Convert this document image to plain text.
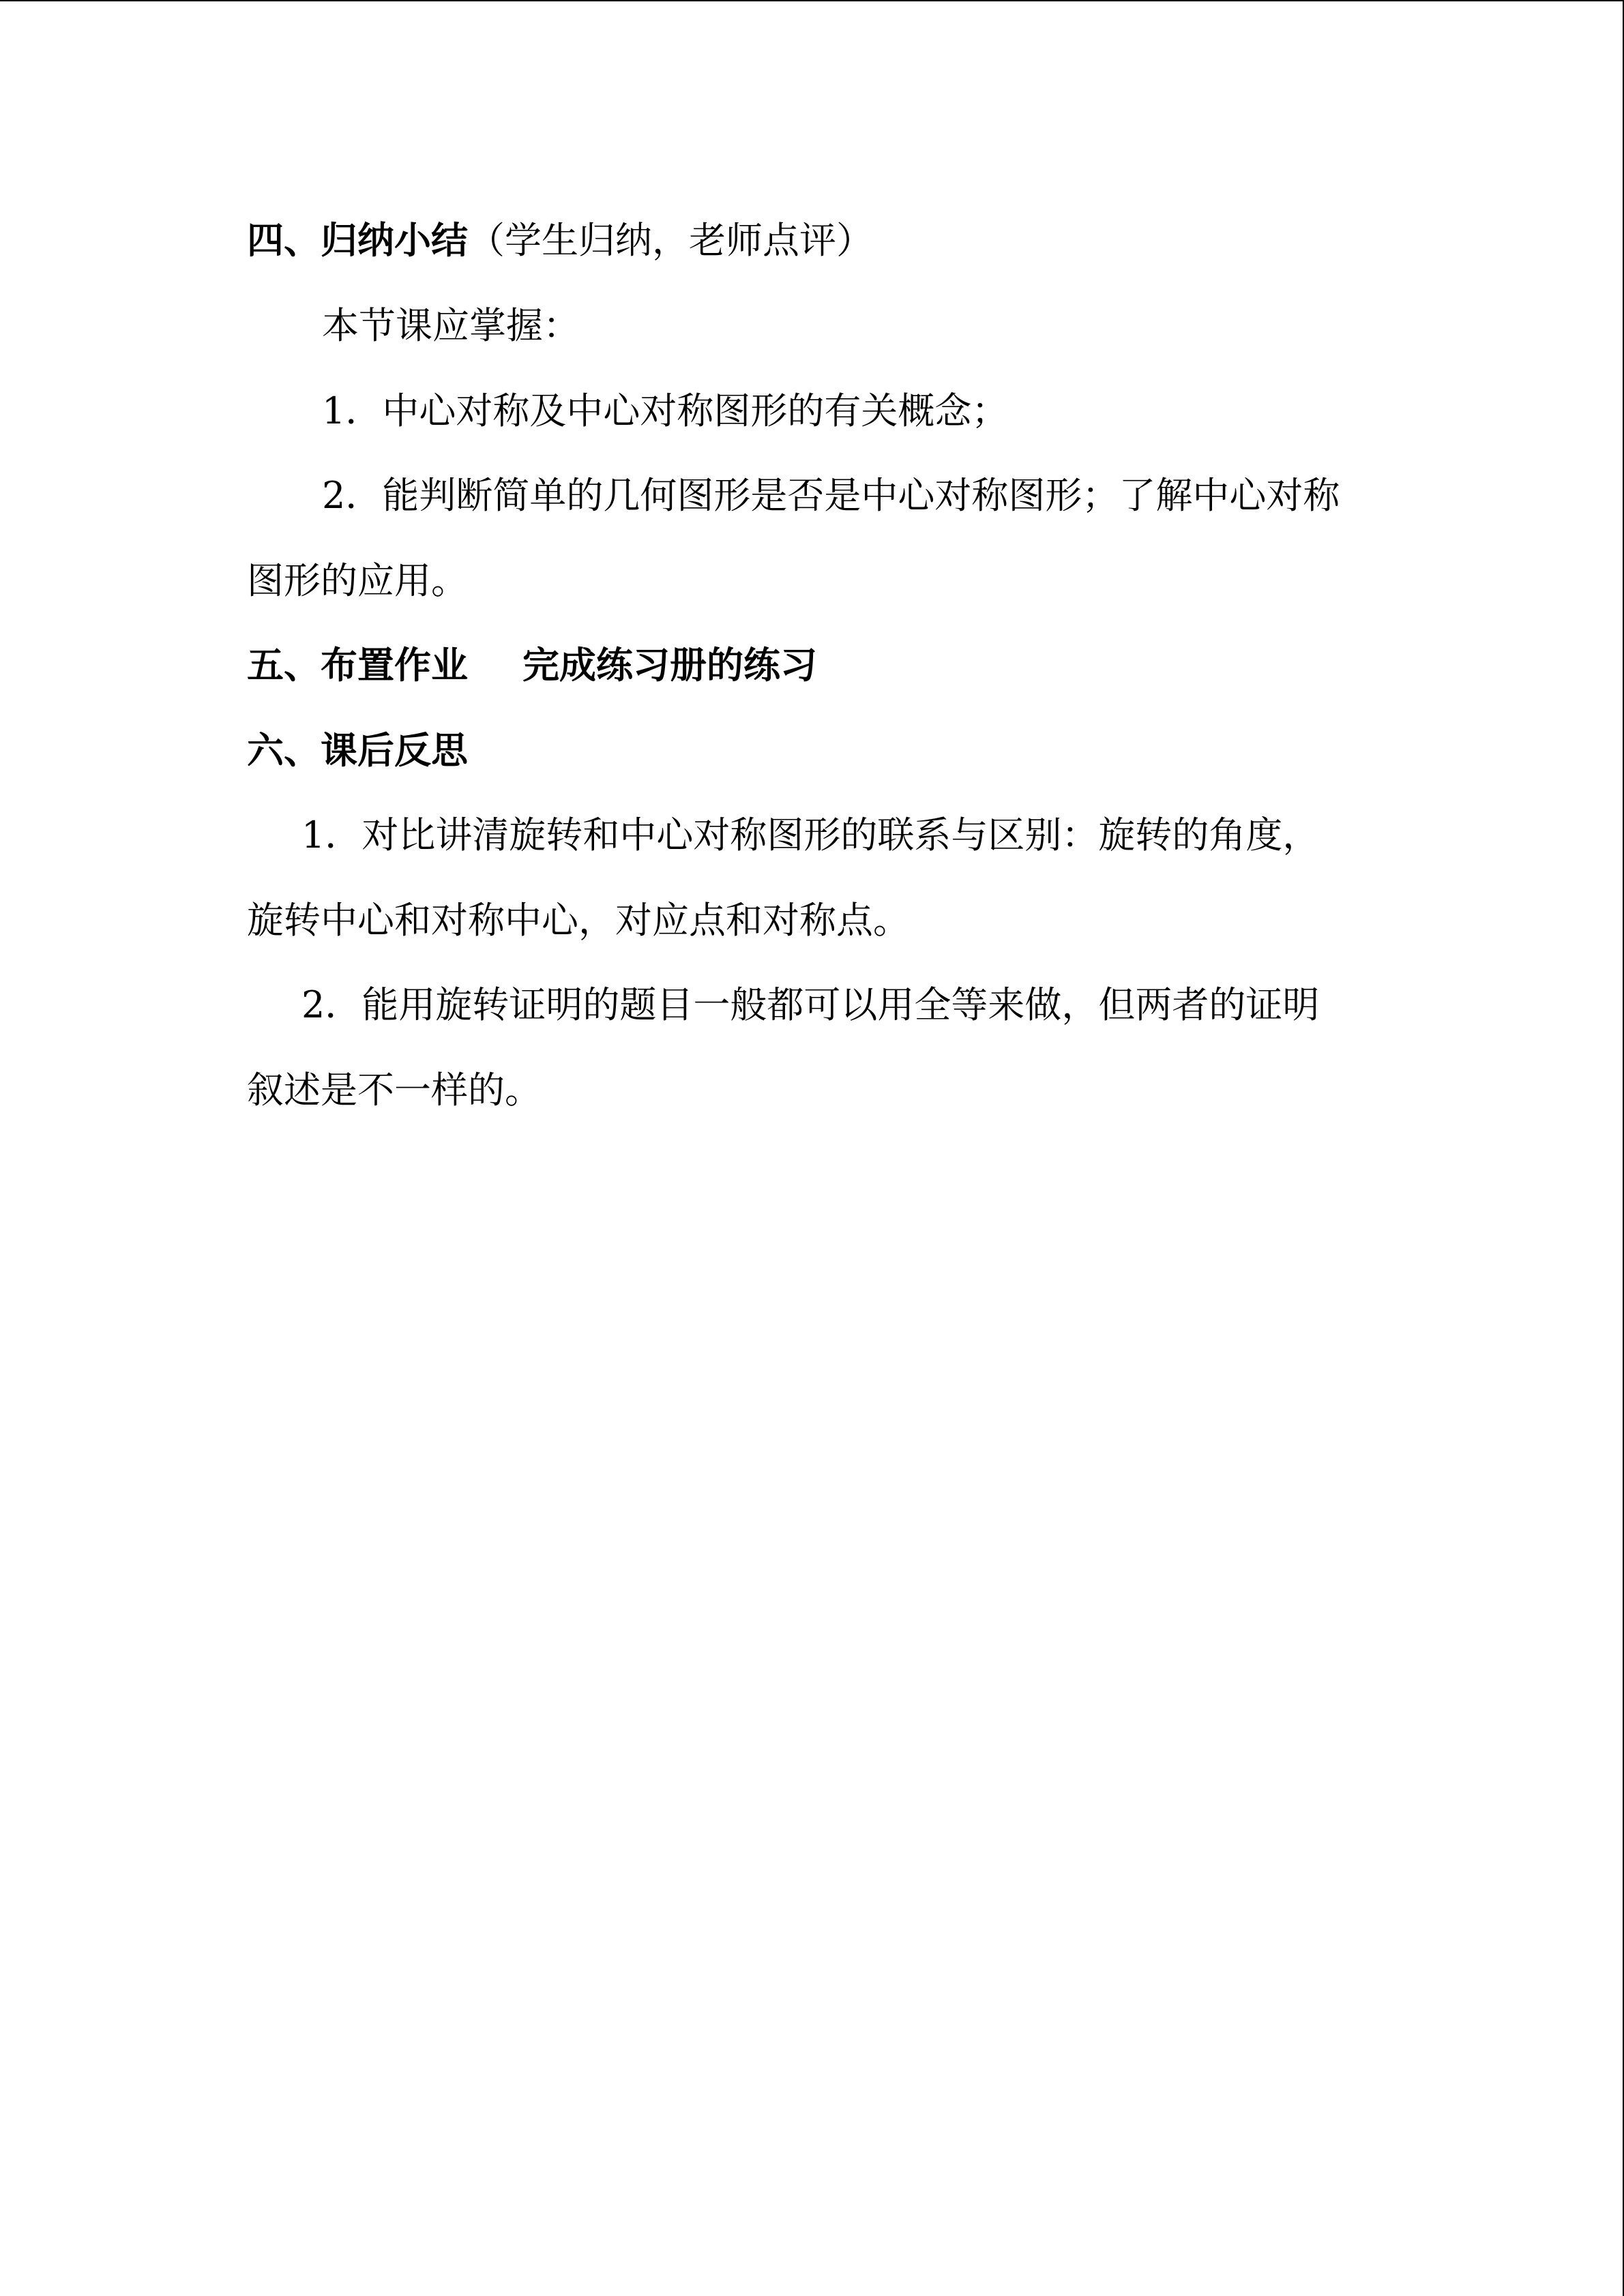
四、归纳小结（学生归纳，老师点评）
本节课应掌握：
1．中心对称及中心对称图形的有关概念；
2．能判断简单的几何图形是否是中心对称图形；了解中心对称
图形的应用。
五、布置作业 完成练习册的练习
六、课后反思
1．对比讲清旋转和中心对称图形的联系与区别：旋转的角度，
旋转中心和对称中心，对应点和对称点。
2．能用旋转证明的题目一般都可以用全等来做，但两者的证明
叙述是不一样的。
